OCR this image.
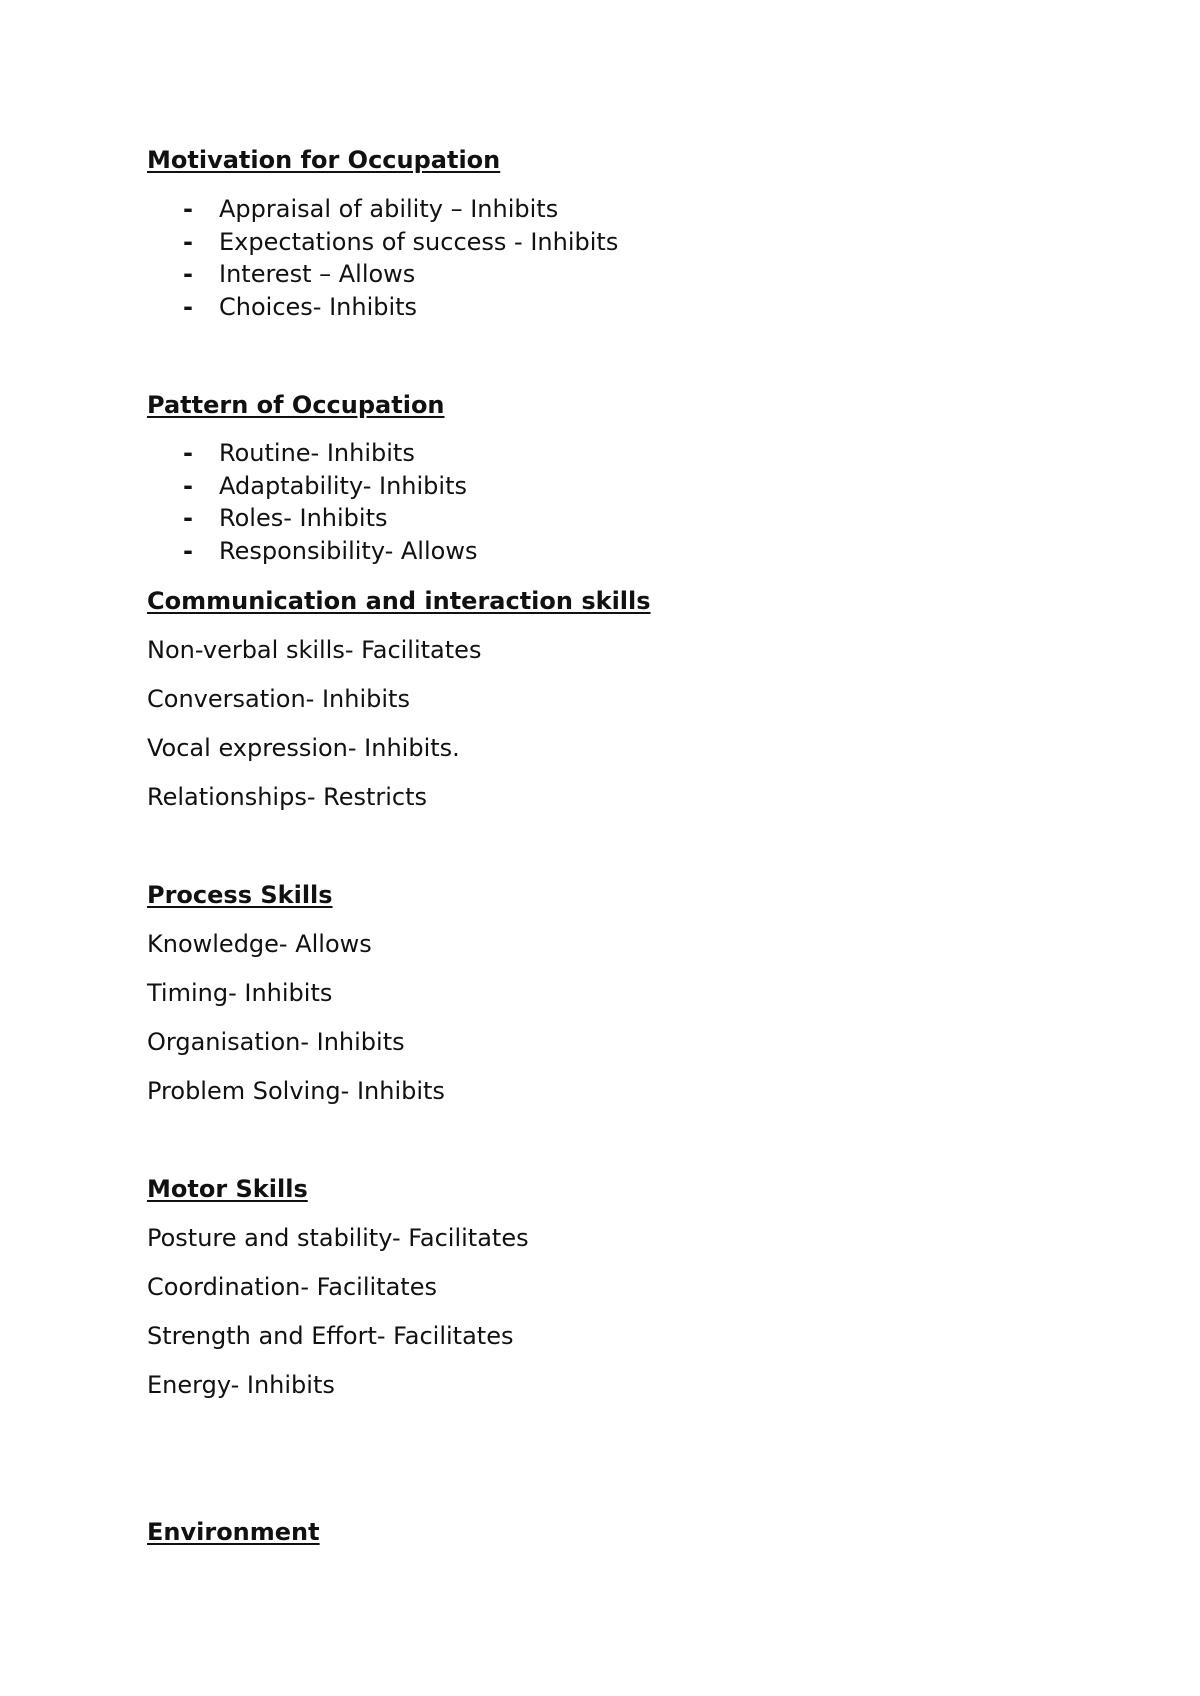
Motivation for Occupation
- Appraisal of ability – Inhibits
- Expectations of success - Inhibits
- Interest – Allows
- Choices- Inhibits
Pattern of Occupation
- Routine- Inhibits
- Adaptability- Inhibits
- Roles- Inhibits
- Responsibility- Allows
Communication and interaction skills
Non-verbal skills- Facilitates
Conversation- Inhibits
Vocal expression- Inhibits.
Relationships- Restricts
Process Skills
Knowledge- Allows
Timing- Inhibits
Organisation- Inhibits
Problem Solving- Inhibits
Motor Skills
Posture and stability- Facilitates
Coordination- Facilitates
Strength and Effort- Facilitates
Energy- Inhibits
Environment
